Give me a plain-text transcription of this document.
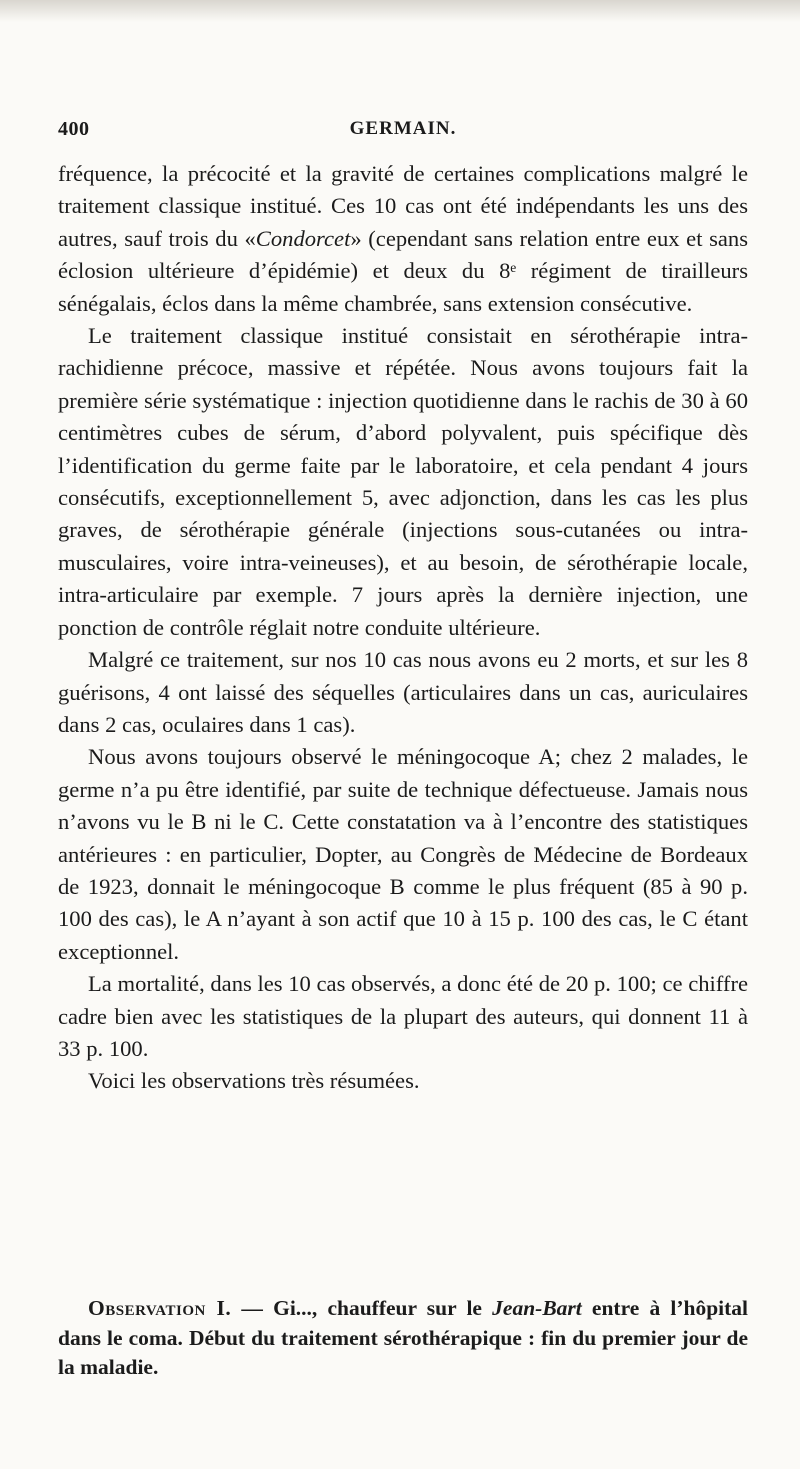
400	GERMAIN.

fréquence, la précocité et la gravité de certaines complications malgré le traitement classique institué. Ces 10 cas ont été indépendants les uns des autres, sauf trois du «Condorcet» (cependant sans relation entre eux et sans éclosion ultérieure d’épidémie) et deux du 8ᵉ régiment de tirailleurs sénégalais, éclos dans la même chambrée, sans extension consécutive.

Le traitement classique institué consistait en sérothérapie intra-rachidienne précoce, massive et répétée. Nous avons toujours fait la première série systématique : injection quotidienne dans le rachis de 30 à 60 centimètres cubes de sérum, d’abord polyvalent, puis spécifique dès l’identification du germe faite par le laboratoire, et cela pendant 4 jours consécutifs, exceptionnellement 5, avec adjonction, dans les cas les plus graves, de sérothérapie générale (injections sous-cutanées ou intra-musculaires, voire intra-veineuses), et au besoin, de sérothérapie locale, intra-articulaire par exemple. 7 jours après la dernière injection, une ponction de contrôle réglait notre conduite ultérieure.

Malgré ce traitement, sur nos 10 cas nous avons eu 2 morts, et sur les 8 guérisons, 4 ont laissé des séquelles (articulaires dans un cas, auriculaires dans 2 cas, oculaires dans 1 cas).

Nous avons toujours observé le méningocoque A; chez 2 malades, le germe n’a pu être identifié, par suite de technique défectueuse. Jamais nous n’avons vu le B ni le C. Cette constatation va à l’encontre des statistiques antérieures : en particulier, Dopter, au Congrès de Médecine de Bordeaux de 1923, donnait le méningocoque B comme le plus fréquent (85 à 90 p. 100 des cas), le A n’ayant à son actif que 10 à 15 p. 100 des cas, le C étant exceptionnel.

La mortalité, dans les 10 cas observés, a donc été de 20 p. 100; ce chiffre cadre bien avec les statistiques de la plupart des auteurs, qui donnent 11 à 33 p. 100.

Voici les observations très résumées.

Observation I. — Gi..., chauffeur sur le Jean-Bart entre à l’hôpital dans le coma. Début du traitement sérothérapique : fin du premier jour de la maladie.
